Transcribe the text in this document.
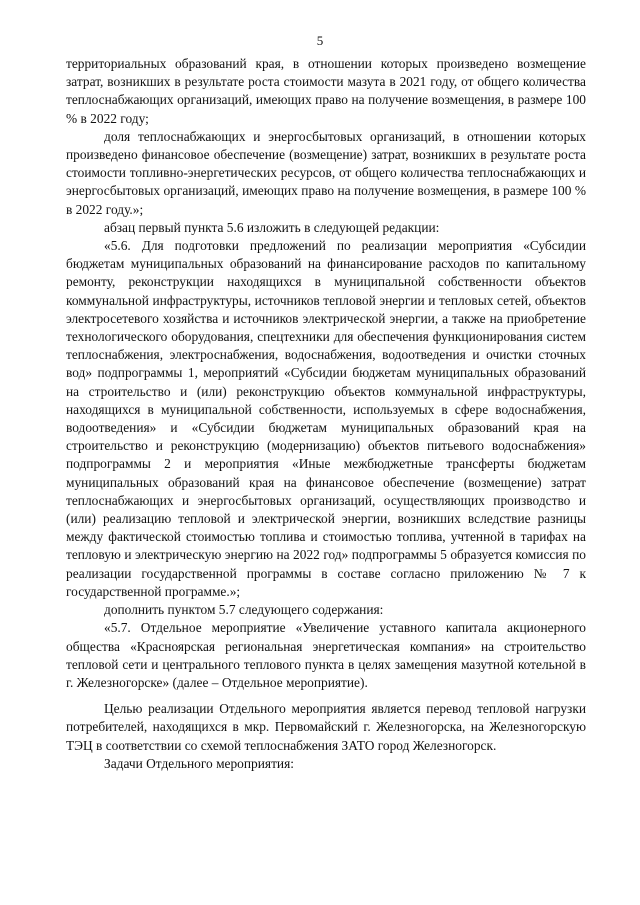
5

территориальных образований края, в отношении которых произведено возмещение затрат, возникших в результате роста стоимости мазута в 2021 году, от общего количества теплоснабжающих организаций, имеющих право на получение возмещения, в размере 100 % в 2022 году;

доля теплоснабжающих и энергосбытовых организаций, в отношении которых произведено финансовое обеспечение (возмещение) затрат, возникших в результате роста стоимости топливно-энергетических ресурсов, от общего количества теплоснабжающих и энергосбытовых организаций, имеющих право на получение возмещения, в размере 100 % в 2022 году.»;

абзац первый пункта 5.6 изложить в следующей редакции:

«5.6. Для подготовки предложений по реализации мероприятия «Субсидии бюджетам муниципальных образований на финансирование расходов по капитальному ремонту, реконструкции находящихся в муниципальной собственности объектов коммунальной инфраструктуры, источников тепловой энергии и тепловых сетей, объектов электросетевого хозяйства и источников электрической энергии, а также на приобретение технологического оборудования, спецтехники для обеспечения функционирования систем теплоснабжения, электроснабжения, водоснабжения, водоотведения и очистки сточных вод» подпрограммы 1, мероприятий «Субсидии бюджетам муниципальных образований на строительство и (или) реконструкцию объектов коммунальной инфраструктуры, находящихся в муниципальной собственности, используемых в сфере водоснабжения, водоотведения» и «Субсидии бюджетам муниципальных образований края на строительство и реконструкцию (модернизацию) объектов питьевого водоснабжения» подпрограммы 2 и мероприятия «Иные межбюджетные трансферты бюджетам муниципальных образований края на финансовое обеспечение (возмещение) затрат теплоснабжающих и энергосбытовых организаций, осуществляющих производство и (или) реализацию тепловой и электрической энергии, возникших вследствие разницы между фактической стоимостью топлива и стоимостью топлива, учтенной в тарифах на тепловую и электрическую энергию на 2022 год» подпрограммы 5 образуется комиссия по реализации государственной программы в составе согласно приложению № 7 к государственной программе.»;

дополнить пунктом 5.7 следующего содержания:

«5.7. Отдельное мероприятие «Увеличение уставного капитала акционерного общества «Красноярская региональная энергетическая компания» на строительство тепловой сети и центрального теплового пункта в целях замещения мазутной котельной в г. Железногорске» (далее – Отдельное мероприятие).

Целью реализации Отдельного мероприятия является перевод тепловой нагрузки потребителей, находящихся в мкр. Первомайский г. Железногорска, на Железногорскую ТЭЦ в соответствии со схемой теплоснабжения ЗАТО город Железногорск.

Задачи Отдельного мероприятия:
